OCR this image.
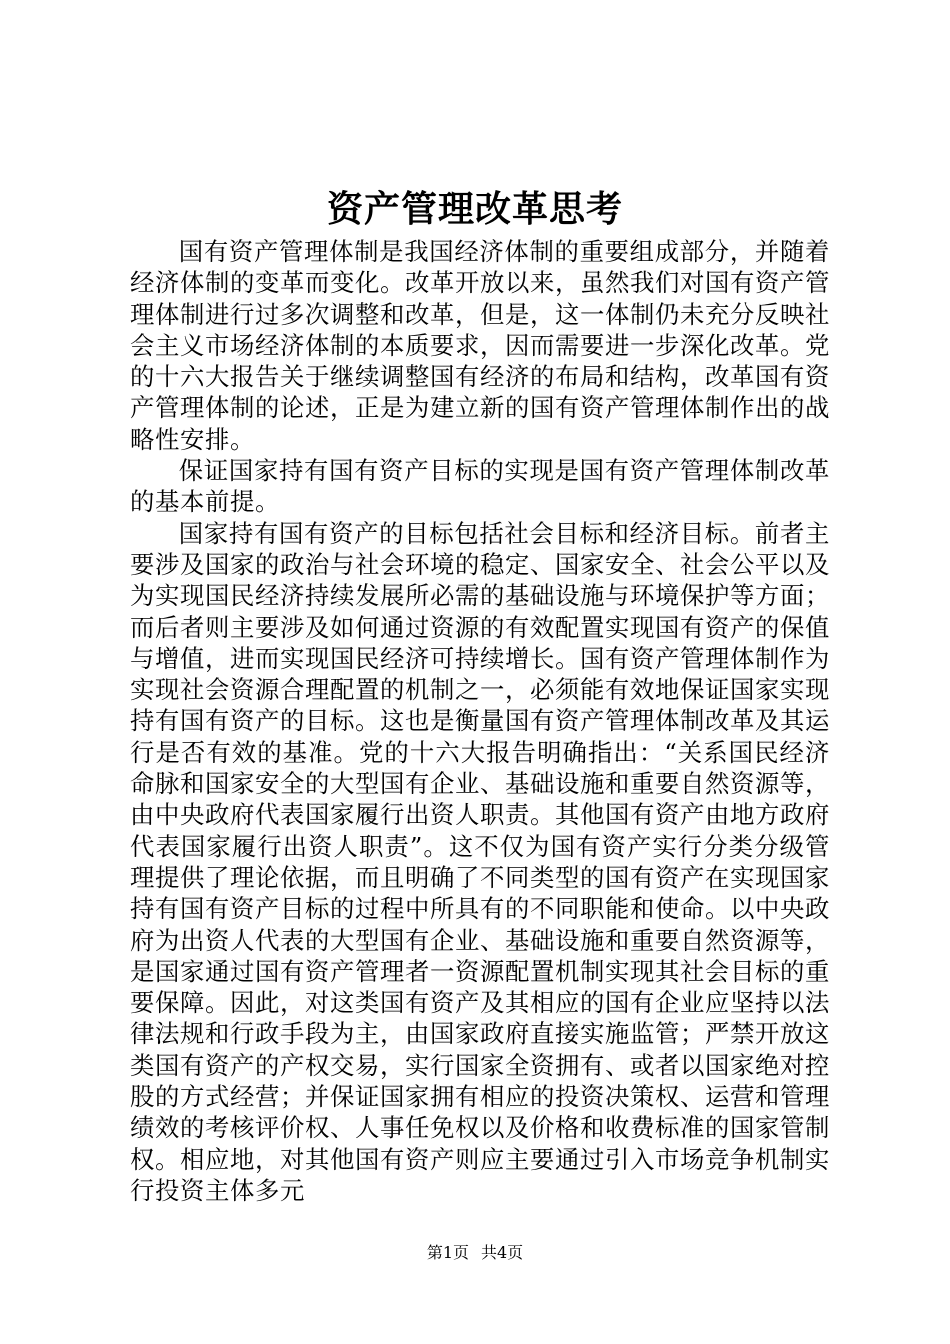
资产管理改革思考

国有资产管理体制是我国经济体制的重要组成部分，并随着经济体制的变革而变化。改革开放以来，虽然我们对国有资产管理体制进行过多次调整和改革，但是，这一体制仍未充分反映社会主义市场经济体制的本质要求，因而需要进一步深化改革。党的十六大报告关于继续调整国有经济的布局和结构，改革国有资产管理体制的论述，正是为建立新的国有资产管理体制作出的战略性安排。

保证国家持有国有资产目标的实现是国有资产管理体制改革的基本前提。

国家持有国有资产的目标包括社会目标和经济目标。前者主要涉及国家的政治与社会环境的稳定、国家安全、社会公平以及为实现国民经济持续发展所必需的基础设施与环境保护等方面；而后者则主要涉及如何通过资源的有效配置实现国有资产的保值与增值，进而实现国民经济可持续增长。国有资产管理体制作为实现社会资源合理配置的机制之一，必须能有效地保证国家实现持有国有资产的目标。这也是衡量国有资产管理体制改革及其运行是否有效的基准。党的十六大报告明确指出：“关系国民经济命脉和国家安全的大型国有企业、基础设施和重要自然资源等，由中央政府代表国家履行出资人职责。其他国有资产由地方政府代表国家履行出资人职责”。这不仅为国有资产实行分类分级管理提供了理论依据，而且明确了不同类型的国有资产在实现国家持有国有资产目标的过程中所具有的不同职能和使命。以中央政府为出资人代表的大型国有企业、基础设施和重要自然资源等，是国家通过国有资产管理者一资源配置机制实现其社会目标的重要保障。因此，对这类国有资产及其相应的国有企业应坚持以法律法规和行政手段为主，由国家政府直接实施监管；严禁开放这类国有资产的产权交易，实行国家全资拥有、或者以国家绝对控股的方式经营；并保证国家拥有相应的投资决策权、运营和管理绩效的考核评价权、人事任免权以及价格和收费标准的国家管制权。相应地，对其他国有资产则应主要通过引入市场竞争机制实行投资主体多元

第1页 共4页
